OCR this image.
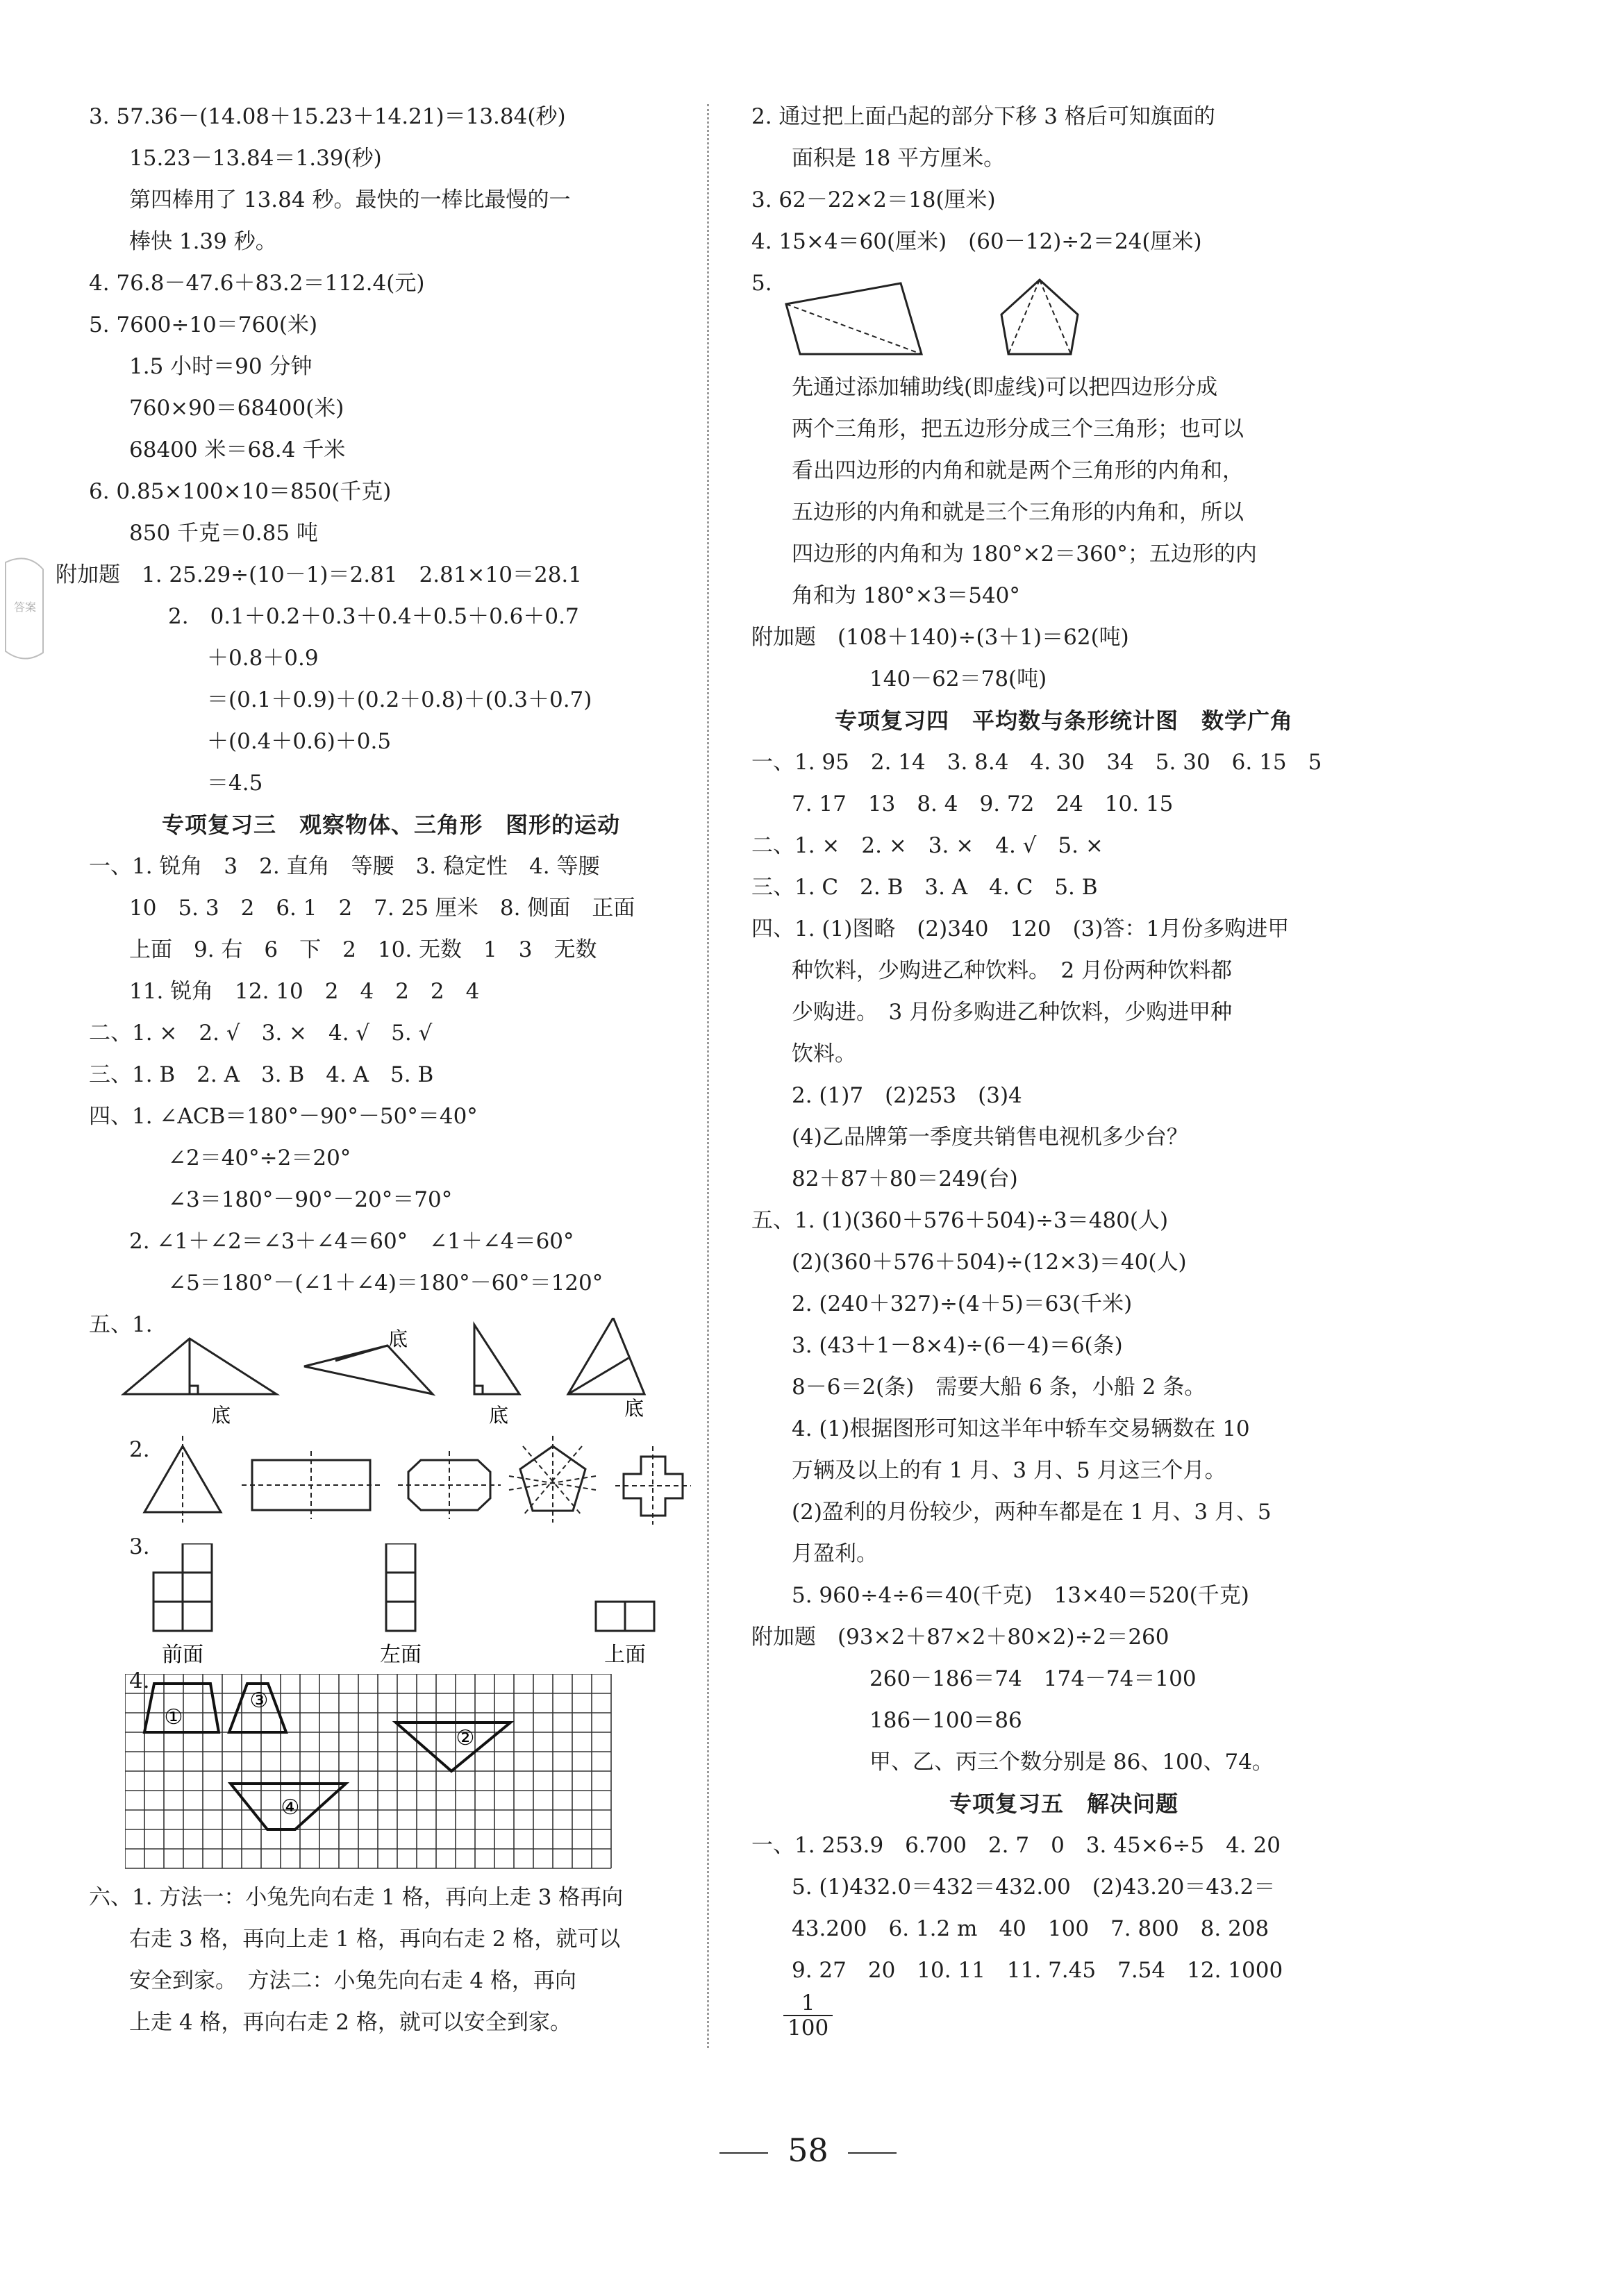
答案
3. 57.36－(14.08＋15.23＋14.21)＝13.84(秒)
15.23－13.84＝1.39(秒)
第四棒用了 13.84 秒。最快的一棒比最慢的一
棒快 1.39 秒。
4. 76.8－47.6＋83.2＝112.4(元)
5. 7600÷10＝760(米)
1.5 小时＝90 分钟
760×90＝68400(米)
68400 米＝68.4 千米
6. 0.85×100×10＝850(千克)
850 千克＝0.85 吨
附加题　1. 25.29÷(10－1)＝2.81　2.81×10＝28.1
2.　0.1＋0.2＋0.3＋0.4＋0.5＋0.6＋0.7
＋0.8＋0.9
＝(0.1＋0.9)＋(0.2＋0.8)＋(0.3＋0.7)
＋(0.4＋0.6)＋0.5
＝4.5
专项复习三　观察物体、三角形　图形的运动
一、1. 锐角　3　2. 直角　等腰　3. 稳定性　4. 等腰
10　5. 3　2　6. 1　2　7. 25 厘米　8. 侧面　正面
上面　9. 右　6　下　2　10. 无数　1　3　无数
11. 锐角　12. 10　2　4　2　2　4
二、1. ×　2. √　3. ×　4. √　5. √
三、1. B　2. A　3. B　4. A　5. B
四、1. ∠ACB＝180°－90°－50°＝40°
∠2＝40°÷2＝20°
∠3＝180°－90°－20°＝70°
2. ∠1＋∠2＝∠3＋∠4＝60°　∠1＋∠4＝60°
∠5＝180°－(∠1＋∠4)＝180°－60°＝120°
五、1.
底
底
底	底
2.
3.
前面	左面	上面
4.
①
③
②
④
六、1. 方法一：小兔先向右走 1 格，再向上走 3 格再向
右走 3 格，再向上走 1 格，再向右走 2 格，就可以
安全到家。　方法二：小兔先向右走 4 格，再向
上走 4 格，再向右走 2 格，就可以安全到家。
2. 通过把上面凸起的部分下移 3 格后可知旗面的
面积是 18 平方厘米。
3. 62－22×2＝18(厘米)
4. 15×4＝60(厘米)　(60－12)÷2＝24(厘米)
5.
先通过添加辅助线(即虚线)可以把四边形分成
两个三角形，把五边形分成三个三角形；也可以
看出四边形的内角和就是两个三角形的内角和，
五边形的内角和就是三个三角形的内角和，所以
四边形的内角和为 180°×2＝360°；五边形的内
角和为 180°×3＝540°
附加题　(108＋140)÷(3＋1)＝62(吨)
140－62＝78(吨)
专项复习四　平均数与条形统计图　数学广角
一、1. 95　2. 14　3. 8.4　4. 30　34　5. 30　6. 15　5
7. 17　13　8. 4　9. 72　24　10. 15
二、1. ×　2. ×　3. ×　4. √　5. ×
三、1. C　2. B　3. A　4. C　5. B
四、1. (1)图略　(2)340　120　(3)答：1月份多购进甲
种饮料，少购进乙种饮料。　2 月份两种饮料都
少购进。　3 月份多购进乙种饮料，少购进甲种
饮料。
2. (1)7　(2)253　(3)4
(4)乙品牌第一季度共销售电视机多少台？
82＋87＋80＝249(台)
五、1. (1)(360＋576＋504)÷3＝480(人)
(2)(360＋576＋504)÷(12×3)＝40(人)
2. (240＋327)÷(4＋5)＝63(千米)
3. (43＋1－8×4)÷(6－4)＝6(条)
8－6＝2(条)　需要大船 6 条，小船 2 条。
4. (1)根据图形可知这半年中轿车交易辆数在 10
万辆及以上的有 1 月、3 月、5 月这三个月。
(2)盈利的月份较少，两种车都是在 1 月、3 月、5
月盈利。
5. 960÷4÷6＝40(千克)　13×40＝520(千克)
附加题　(93×2＋87×2＋80×2)÷2＝260
260－186＝74　174－74＝100
186－100＝86
甲、乙、丙三个数分别是 86、100、74。
专项复习五　解决问题
一、1. 253.9　6.700　2. 7　0　3. 45×6÷5　4. 20
5. (1)432.0＝432＝432.00　(2)43.20＝43.2＝
43.200　6. 1.2 m　40　100　7. 800　8. 208
9. 27　20　10. 11　11. 7.45　7.54　12. 1000
$\frac{1}{100}$
58
